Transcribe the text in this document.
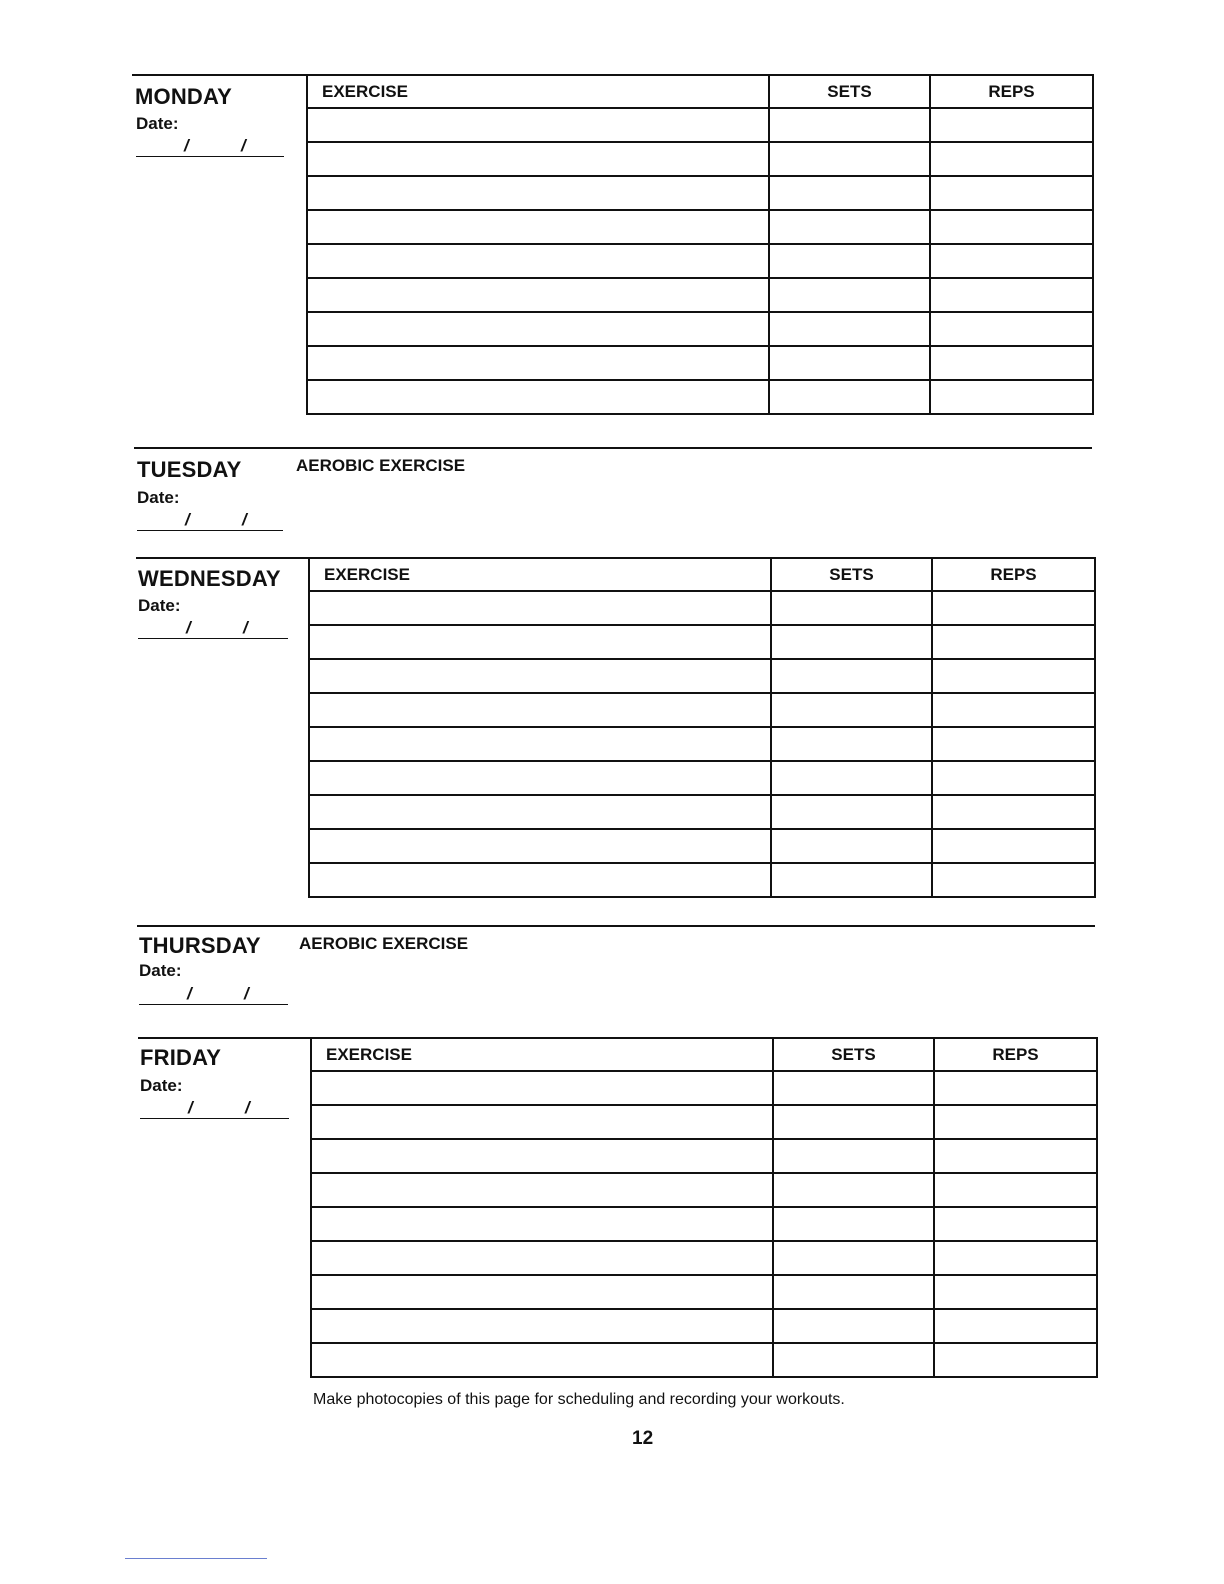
MONDAY
Date:
/	/
EXERCISE	SETS	REPS

TUESDAY	AEROBIC EXERCISE
Date:
/	/
WEDNESDAY
Date:
/	/
EXERCISE	SETS	REPS

THURSDAY AEROBIC EXERCISE
Date:
/	/
FRIDAY
Date:
/	/
EXERCISE	SETS	REPS

Make photocopies of this page for scheduling and recording your workouts.
12
